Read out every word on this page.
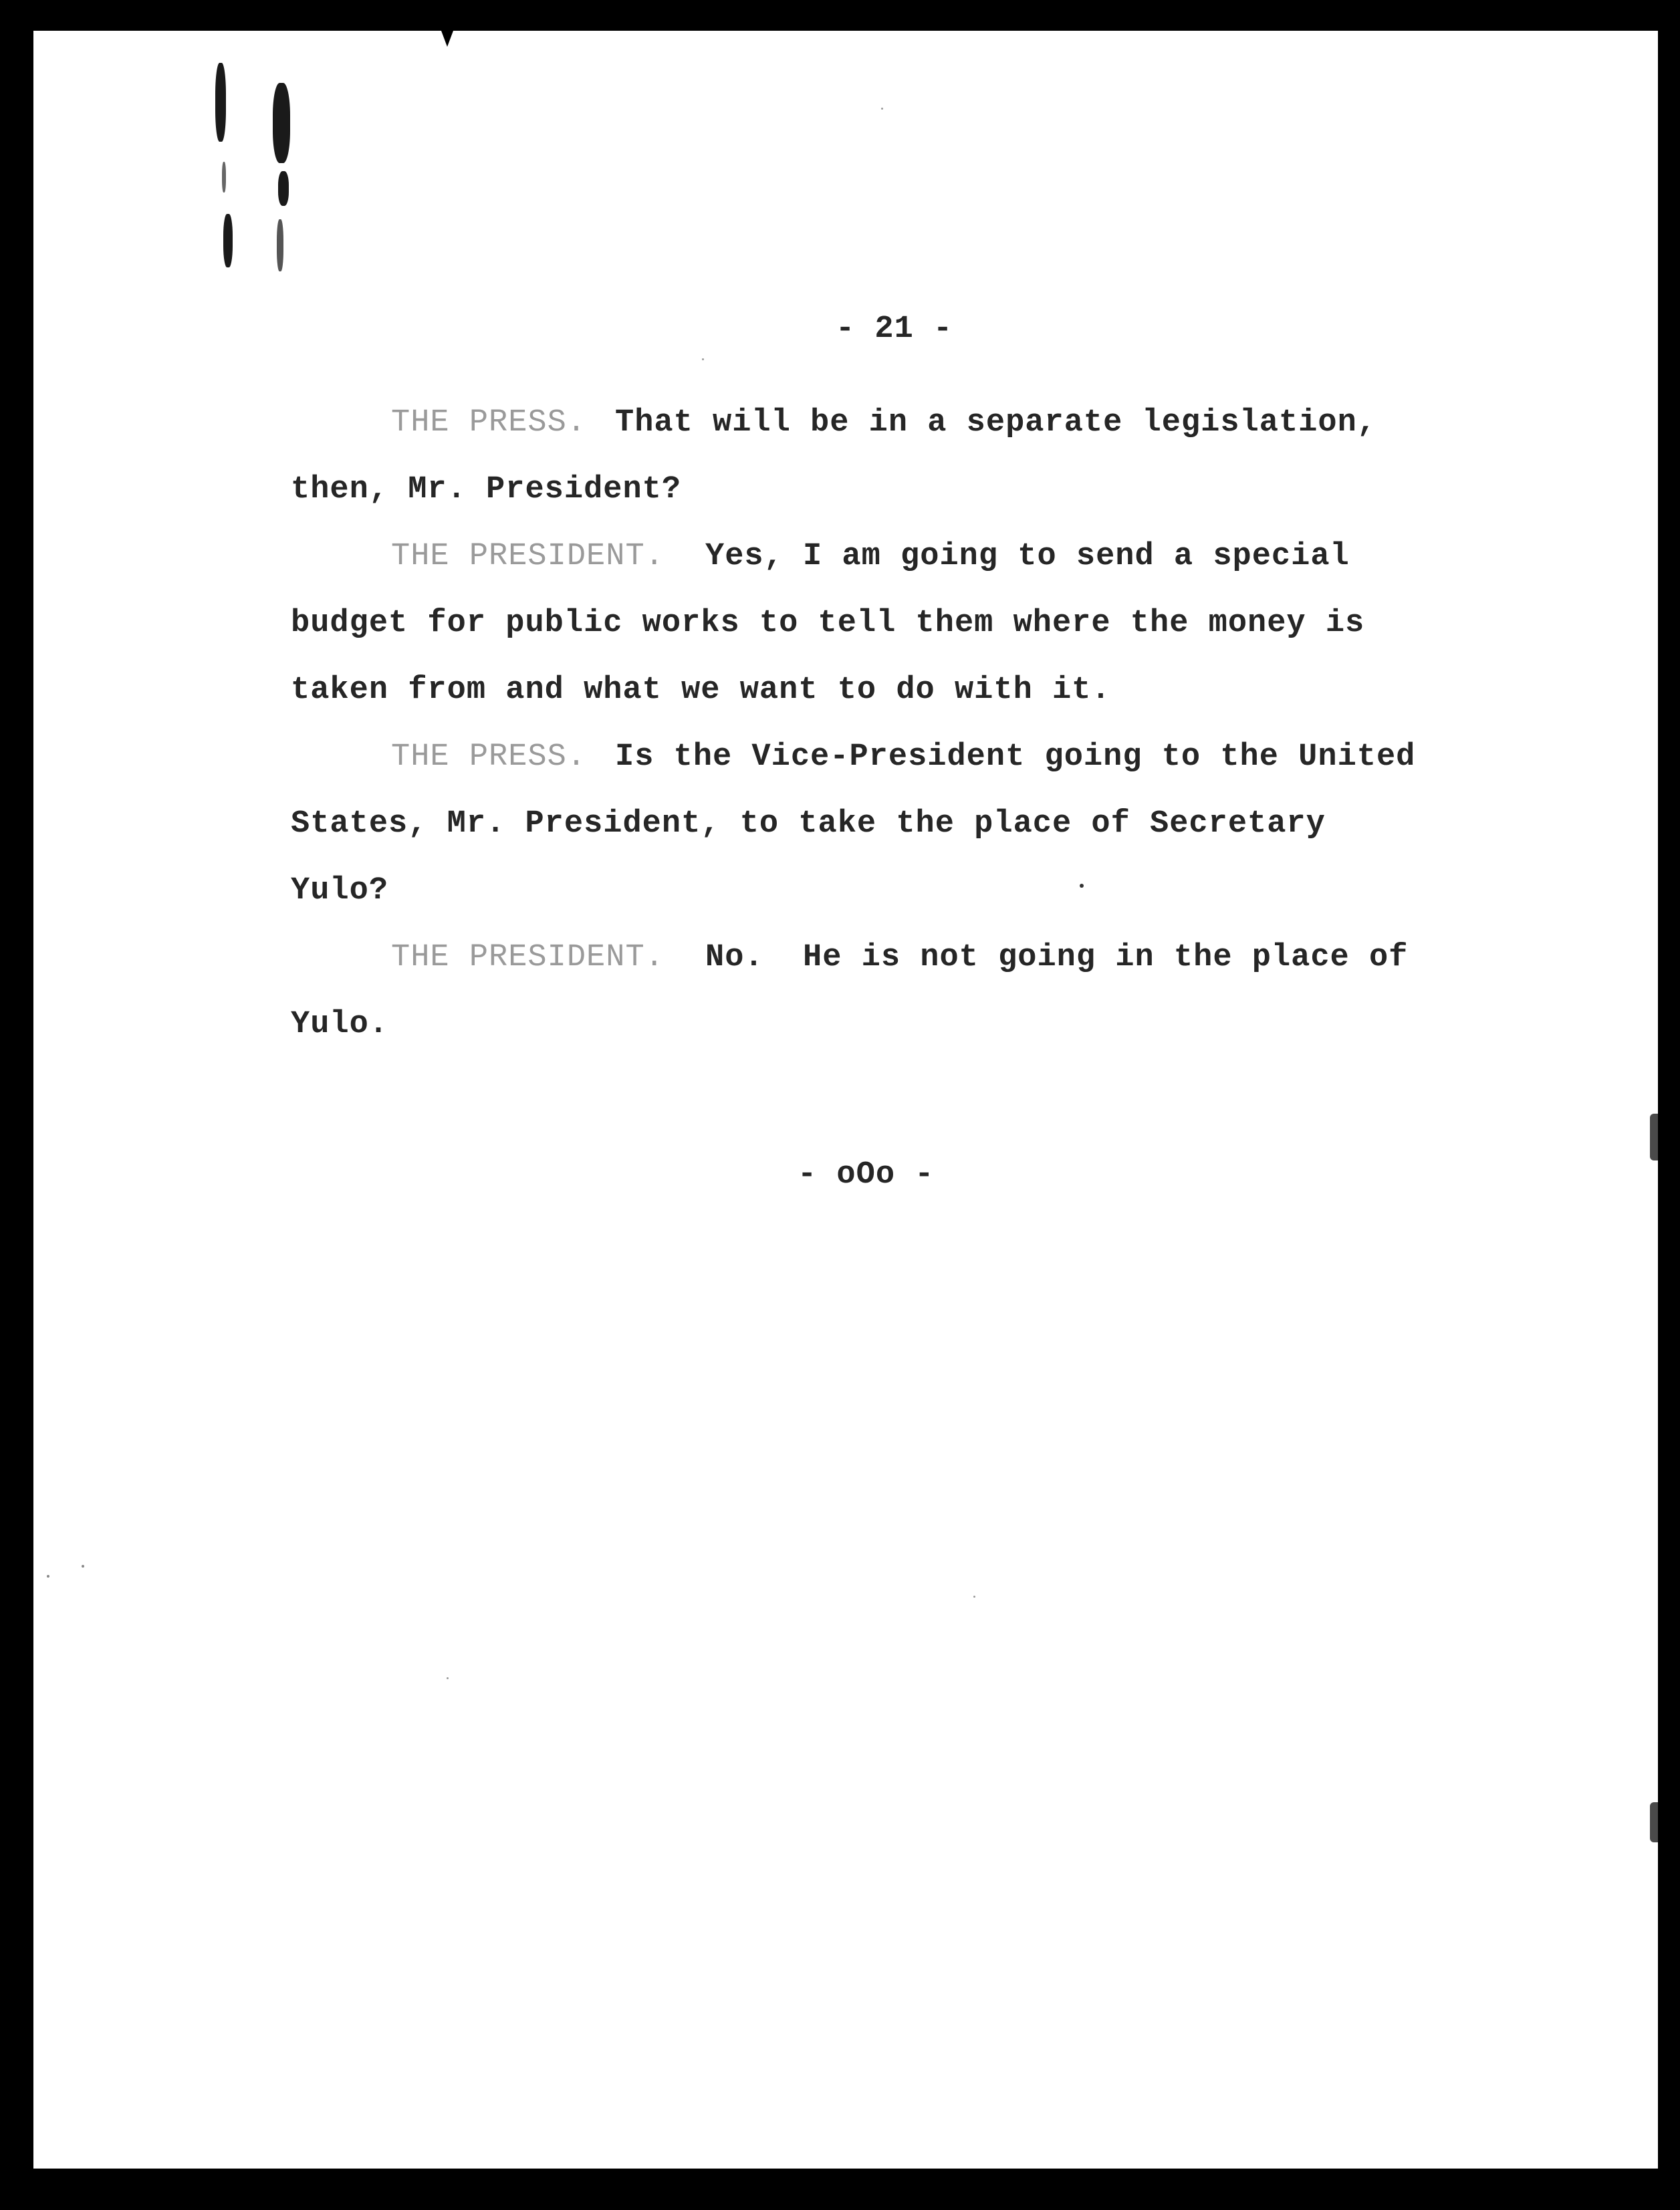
- 21 -

THE PRESS. That will be in a separate legislation,

then, Mr. President?

THE PRESIDENT. Yes, I am going to send a special

budget for public works to tell them where the money is

taken from and what we want to do with it.

THE PRESS. Is the Vice-President going to the United

States, Mr. President, to take the place of Secretary

Yulo?

THE PRESIDENT. No.  He is not going in the place of

Yulo.

- oOo -
